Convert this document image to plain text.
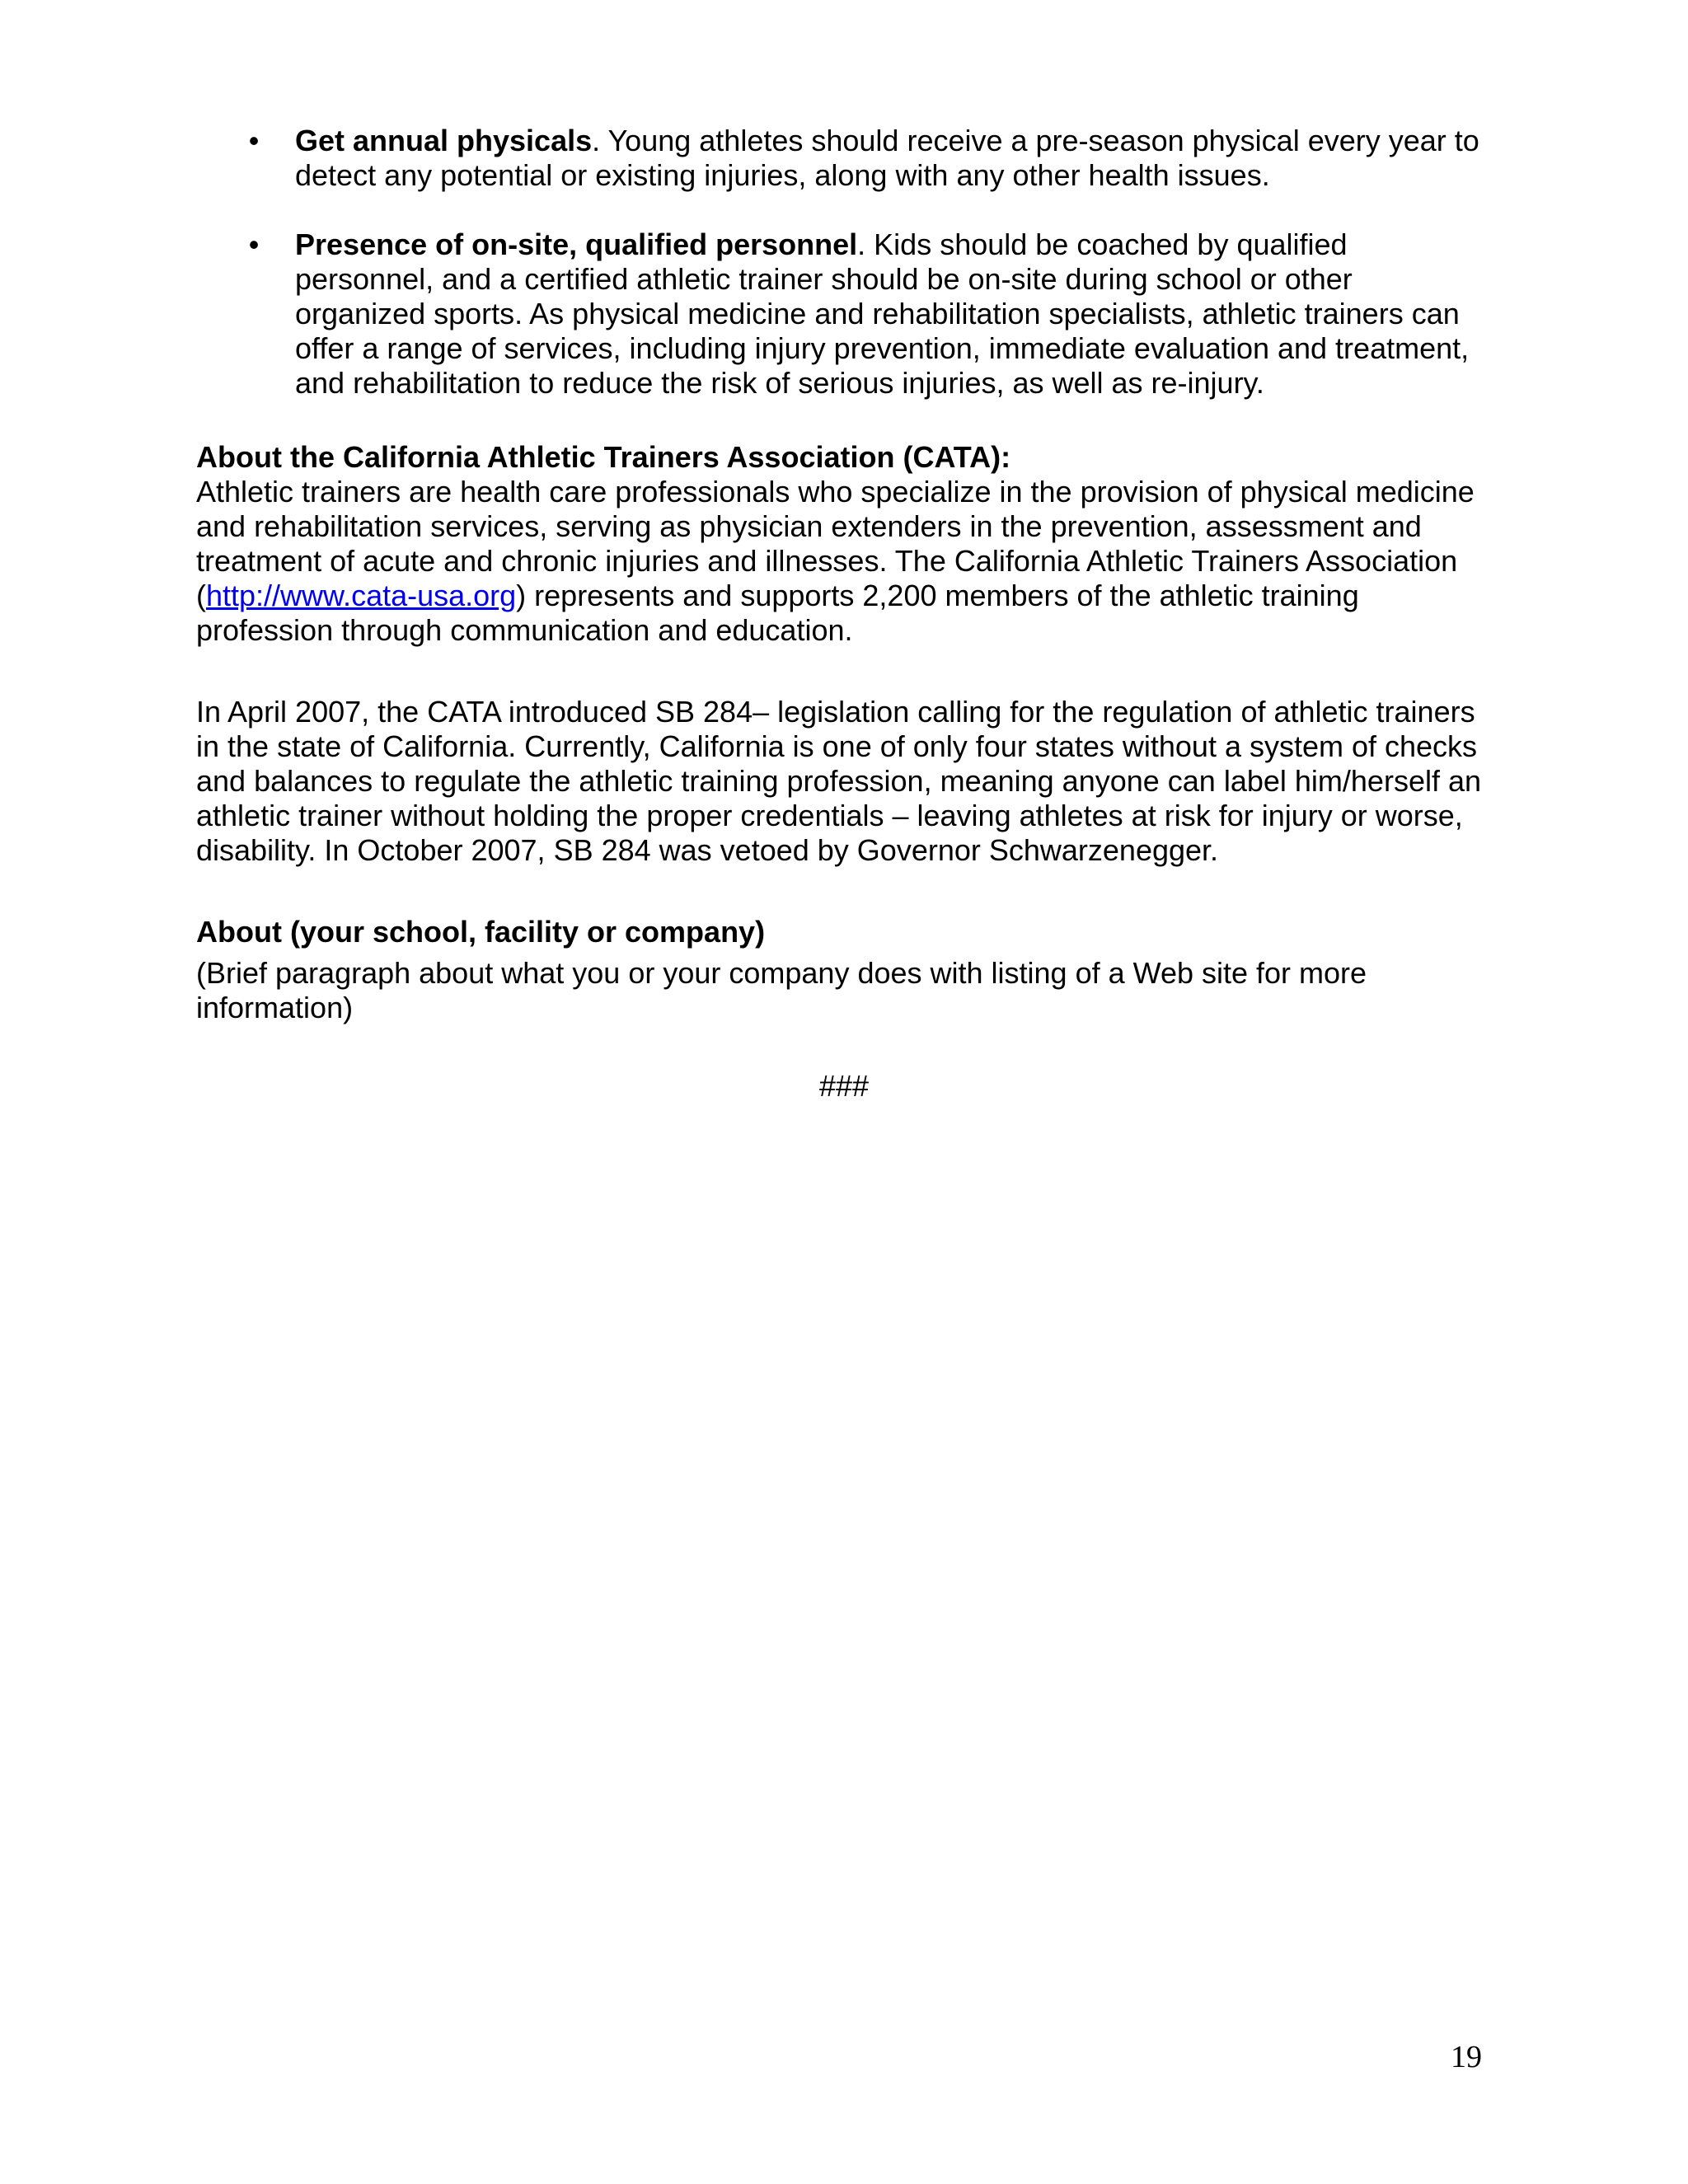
• Get annual physicals. Young athletes should receive a pre-season physical every year to detect any potential or existing injuries, along with any other health issues.
• Presence of on-site, qualified personnel. Kids should be coached by qualified personnel, and a certified athletic trainer should be on-site during school or other organized sports. As physical medicine and rehabilitation specialists, athletic trainers can offer a range of services, including injury prevention, immediate evaluation and treatment, and rehabilitation to reduce the risk of serious injuries, as well as re-injury.
About the California Athletic Trainers Association (CATA):
Athletic trainers are health care professionals who specialize in the provision of physical medicine and rehabilitation services, serving as physician extenders in the prevention, assessment and treatment of acute and chronic injuries and illnesses. The California Athletic Trainers Association (http://www.cata-usa.org) represents and supports 2,200 members of the athletic training profession through communication and education.
In April 2007, the CATA introduced SB 284– legislation calling for the regulation of athletic trainers in the state of California. Currently, California is one of only four states without a system of checks and balances to regulate the athletic training profession, meaning anyone can label him/herself an athletic trainer without holding the proper credentials – leaving athletes at risk for injury or worse, disability. In October 2007, SB 284 was vetoed by Governor Schwarzenegger.
About (your school, facility or company)
(Brief paragraph about what you or your company does with listing of a Web site for more information)
###
19
